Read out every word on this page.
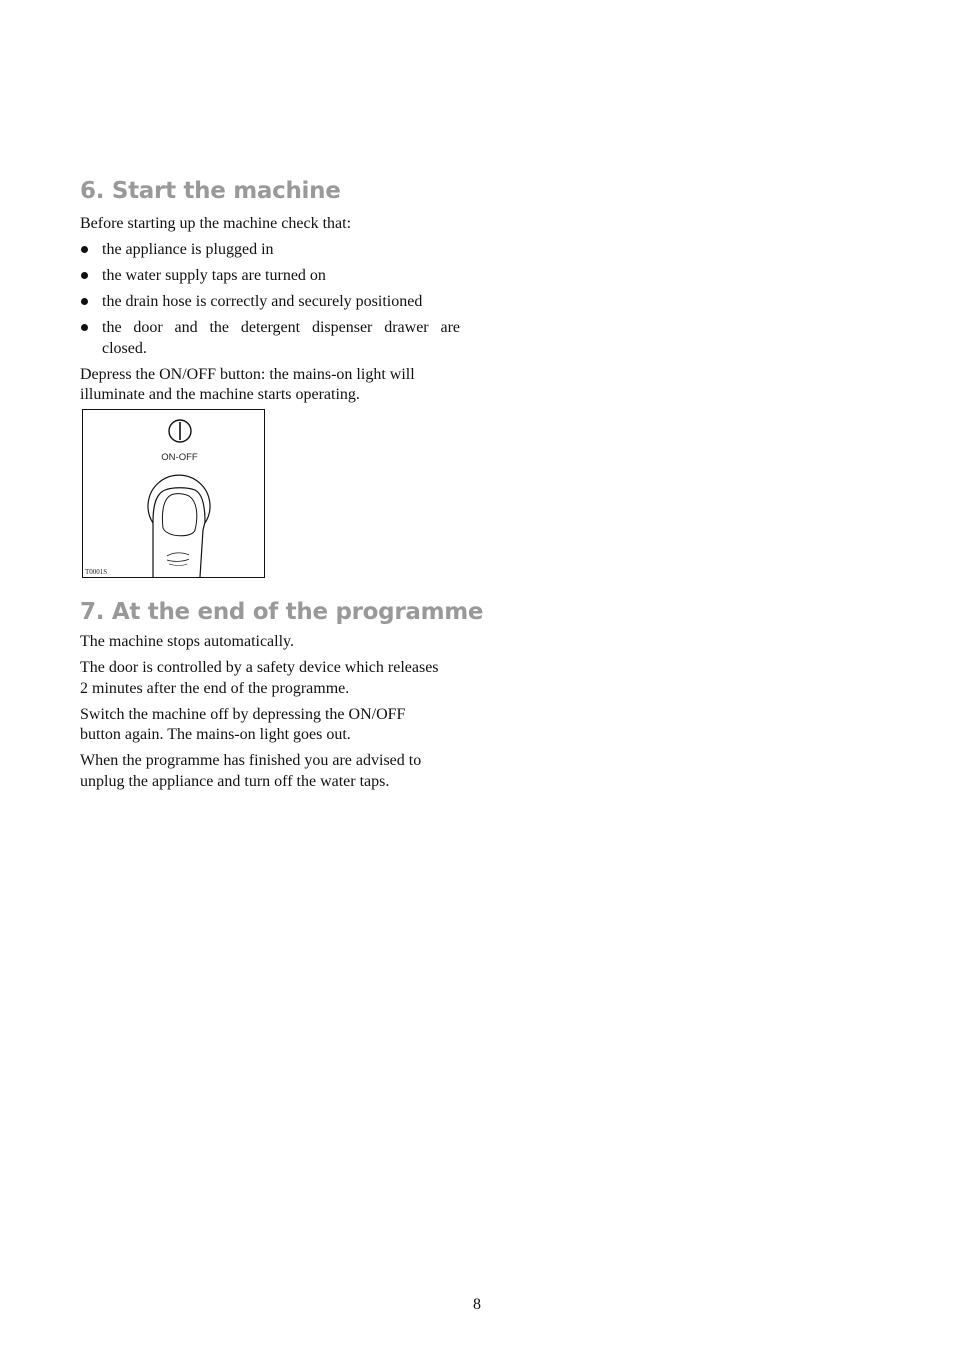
6. Start the machine

Before starting up the machine check that:

the appliance is plugged in
the water supply taps are turned on
the drain hose is correctly and securely positioned
the door and the detergent dispenser drawer are closed.

Depress the ON/OFF button: the mains-on light will
illuminate and the machine starts operating.

ON-OFF
T0001S
7. At the end of the programme

The machine stops automatically.

The door is controlled by a safety device which releases
2 minutes after the end of the programme.

Switch the machine off by depressing the ON/OFF
button again. The mains-on light goes out.

When the programme has finished you are advised to
unplug the appliance and turn off the water taps.

8
